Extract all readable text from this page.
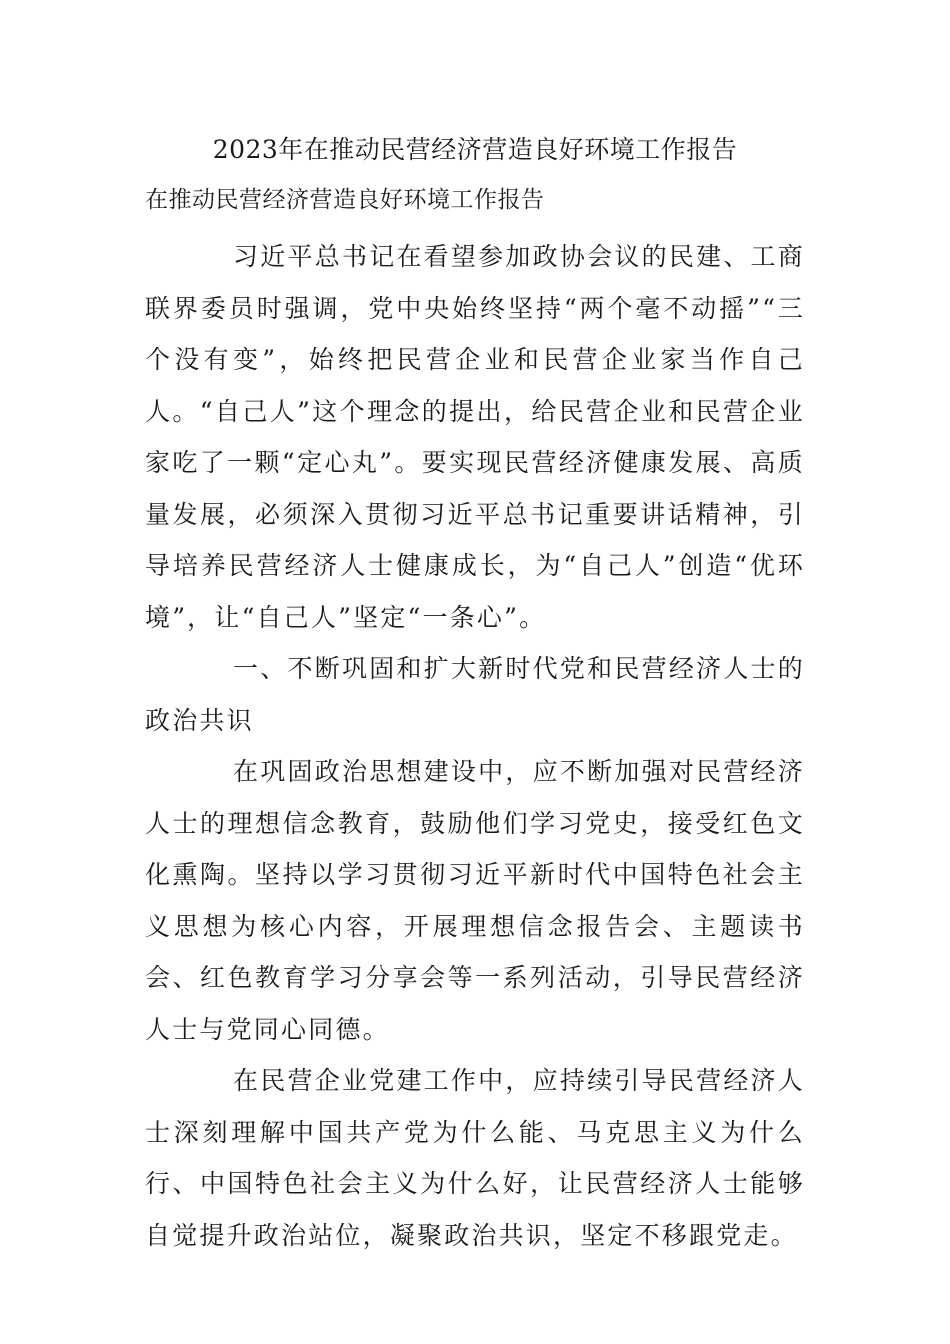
2023年在推动民营经济营造良好环境工作报告
在推动民营经济营造良好环境工作报告

习近平总书记在看望参加政协会议的民建、工商联界委员时强调，党中央始终坚持“两个毫不动摇”“三个没有变”，始终把民营企业和民营企业家当作自己人。“自己人”这个理念的提出，给民营企业和民营企业家吃了一颗“定心丸”。要实现民营经济健康发展、高质量发展，必须深入贯彻习近平总书记重要讲话精神，引导培养民营经济人士健康成长，为“自己人”创造“优环境”，让“自己人”坚定“一条心”。

一、不断巩固和扩大新时代党和民营经济人士的政治共识

在巩固政治思想建设中，应不断加强对民营经济人士的理想信念教育，鼓励他们学习党史，接受红色文化熏陶。坚持以学习贯彻习近平新时代中国特色社会主义思想为核心内容，开展理想信念报告会、主题读书会、红色教育学习分享会等一系列活动，引导民营经济人士与党同心同德。

在民营企业党建工作中，应持续引导民营经济人士深刻理解中国共产党为什么能、马克思主义为什么行、中国特色社会主义为什么好，让民营经济人士能够自觉提升政治站位，凝聚政治共识，坚定不移跟党走。
